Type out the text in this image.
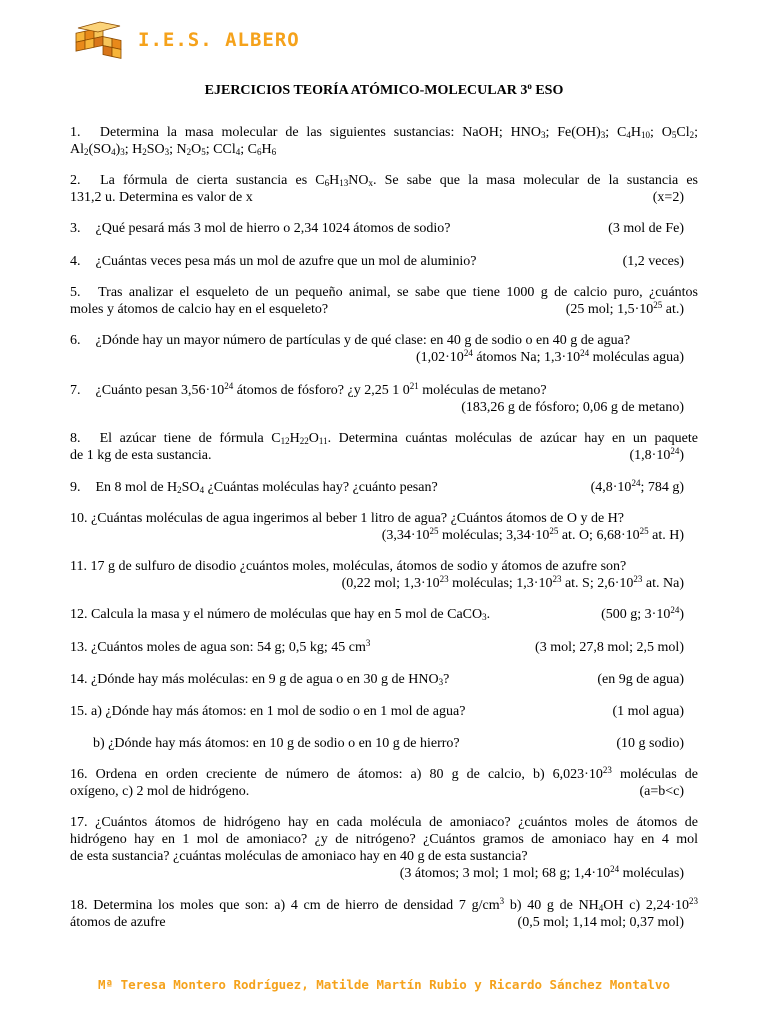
I.E.S. ALBERO
EJERCICIOS TEORÍA ATÓMICO-MOLECULAR 3$^o$ ESO
1. Determina la masa molecular de las siguientes sustancias: NaOH; $HNO_3$; $Fe(OH)_3$; $C_4H_{10}$; $O_5Cl_2$;
$Al_2(SO_4)_3$; $H_2SO_3$; $N_2O_5$; CCl$_4$; $C_6H_6$
2. La fórmula de cierta sustancia es $C_6H_{13}NO_x$. Se sabe que la masa molecular de la sustancia es
131,2 u. Determina es valor de x	(x=2)
3. ¿Qué pesará más 3 mol de hierro o 2,34 1024 átomos de sodio?	(3 mol de Fe)
4. ¿Cuántas veces pesa más un mol de azufre que un mol de aluminio?	(1,2 veces)
5. Tras analizar el esqueleto de un pequeño animal, se sabe que tiene 1000 g de calcio puro, ¿cuántos
moles y átomos de calcio hay en el esqueleto?	(25 mol; $1,5\cdot 10^{25}$ at.)
6. ¿Dónde hay un mayor número de partículas y de qué clase: en 40 g de sodio o en 40 g de agua?
($1,02\cdot 10^{24}$ átomos Na; $1,3\cdot 10^{24}$ moléculas agua)
7. ¿Cuánto pesan $3,56\cdot 10^{24}$ átomos de fósforo? ¿y 2,25 1 $0^{21}$ moléculas de metano?
(183,26 g de fósforo; 0,06 g de metano)
8. El azúcar tiene de fórmula $C_{12}H_{22}O_{11}$. Determina cuántas moléculas de azúcar hay en un paquete
de 1 kg de esta sustancia.	$(1,8\cdot 10^{24})$
9. En 8 mol de $H_2SO_4$ ¿Cuántas moléculas hay? ¿cuánto pesan?	($4,8\cdot 10^{24}$; 784 g)
10. ¿Cuántas moléculas de agua ingerimos al beber 1 litro de agua? ¿Cuántos átomos de O y de H?
($3,34\cdot 10^{25}$ moléculas; $3,34\cdot 10^{25}$ at. O; $6,68\cdot 10^{25}$ at. H)
11. 17 g de sulfuro de disodio ¿cuántos moles, moléculas, átomos de sodio y átomos de azufre son?
(0,22 mol; $1,3\cdot 10^{23}$ moléculas; $1,3\cdot 10^{23}$ at. S; $2,6\cdot 10^{23}$ at. Na)
12. Calcula la masa y el número de moléculas que hay en 5 mol de CaCO$_3$.	(500 g; $3\cdot 10^{24}$)
13. ¿Cuántos moles de agua son: 54 g; 0,5 kg; 45 $cm^3$	(3 mol; 27,8 mol; 2,5 mol)
14. ¿Dónde hay más moléculas: en 9 g de agua o en 30 g de $HNO_3$?	(en 9g de agua)
15. a) ¿Dónde hay más átomos: en 1 mol de sodio o en 1 mol de agua?	(1 mol agua)
b) ¿Dónde hay más átomos: en 10 g de sodio o en 10 g de hierro?	(10 g sodio)
16. Ordena en orden creciente de número de átomos: a) 80 g de calcio, b) $6,023\cdot 10^{23}$ moléculas de
oxígeno, c) 2 mol de hidrógeno.	(a=b<c)
17. ¿Cuántos átomos de hidrógeno hay en cada molécula de amoniaco? ¿cuántos moles de átomos de
hidrógeno hay en 1 mol de amoniaco? ¿y de nitrógeno? ¿Cuántos gramos de amoniaco hay en 4 mol
de esta sustancia? ¿cuántas moléculas de amoniaco hay en 40 g de esta sustancia?
(3 átomos; 3 mol; 1 mol; 68 g; $1,4\cdot 10^{24}$ moléculas)
18. Determina los moles que son: a) 4 cm de hierro de densidad 7 $g/cm^3$ b) 40 g de $NH_4OH$ c) $2,24\cdot 10^{23}$
átomos de azufre	(0,5 mol; 1,14 mol; 0,37 mol)
Mª Teresa Montero Rodríguez, Matilde Martín Rubio y Ricardo Sánchez Montalvo
